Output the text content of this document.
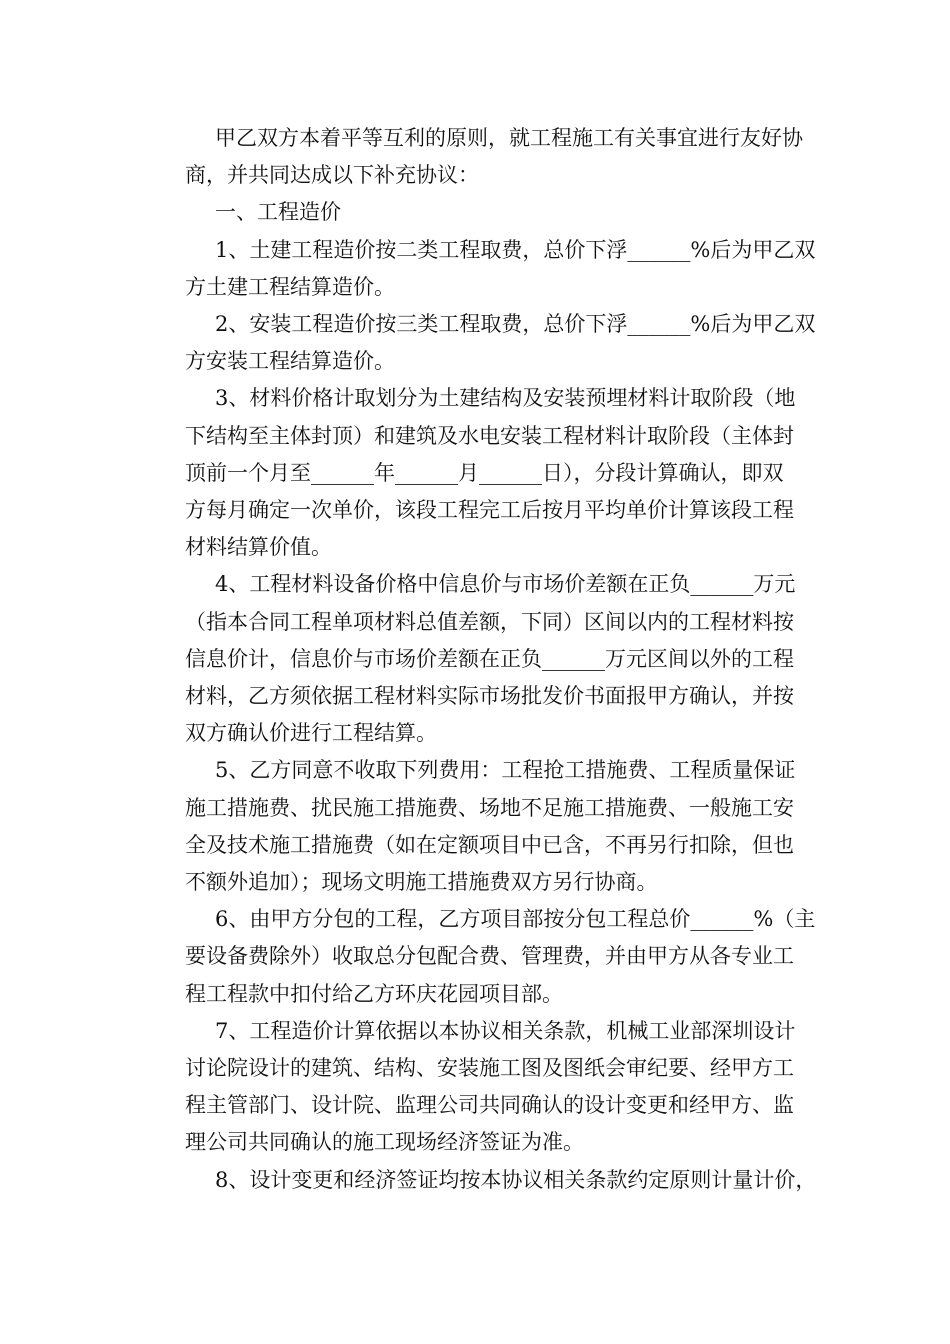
甲乙双方本着平等互利的原则，就工程施工有关事宜进行友好协
商，并共同达成以下补充协议：

一、工程造价

1、土建工程造价按二类工程取费，总价下浮______%后为甲乙双
方土建工程结算造价。

2、安装工程造价按三类工程取费，总价下浮______%后为甲乙双
方安装工程结算造价。

3、材料价格计取划分为土建结构及安装预埋材料计取阶段（地
下结构至主体封顶）和建筑及水电安装工程材料计取阶段（主体封
顶前一个月至______年______月______日），分段计算确认，即双
方每月确定一次单价，该段工程完工后按月平均单价计算该段工程
材料结算价值。

4、工程材料设备价格中信息价与市场价差额在正负______万元
（指本合同工程单项材料总值差额，下同）区间以内的工程材料按
信息价计，信息价与市场价差额在正负______万元区间以外的工程
材料，乙方须依据工程材料实际市场批发价书面报甲方确认，并按
双方确认价进行工程结算。

5、乙方同意不收取下列费用：工程抢工措施费、工程质量保证
施工措施费、扰民施工措施费、场地不足施工措施费、一般施工安
全及技术施工措施费（如在定额项目中已含，不再另行扣除，但也
不额外追加）；现场文明施工措施费双方另行协商。

6、由甲方分包的工程，乙方项目部按分包工程总价______%（主
要设备费除外）收取总分包配合费、管理费，并由甲方从各专业工
程工程款中扣付给乙方环庆花园项目部。

7、工程造价计算依据以本协议相关条款，机械工业部深圳设计
讨论院设计的建筑、结构、安装施工图及图纸会审纪要、经甲方工
程主管部门、设计院、监理公司共同确认的设计变更和经甲方、监
理公司共同确认的施工现场经济签证为准。

8、设计变更和经济签证均按本协议相关条款约定原则计量计价，
